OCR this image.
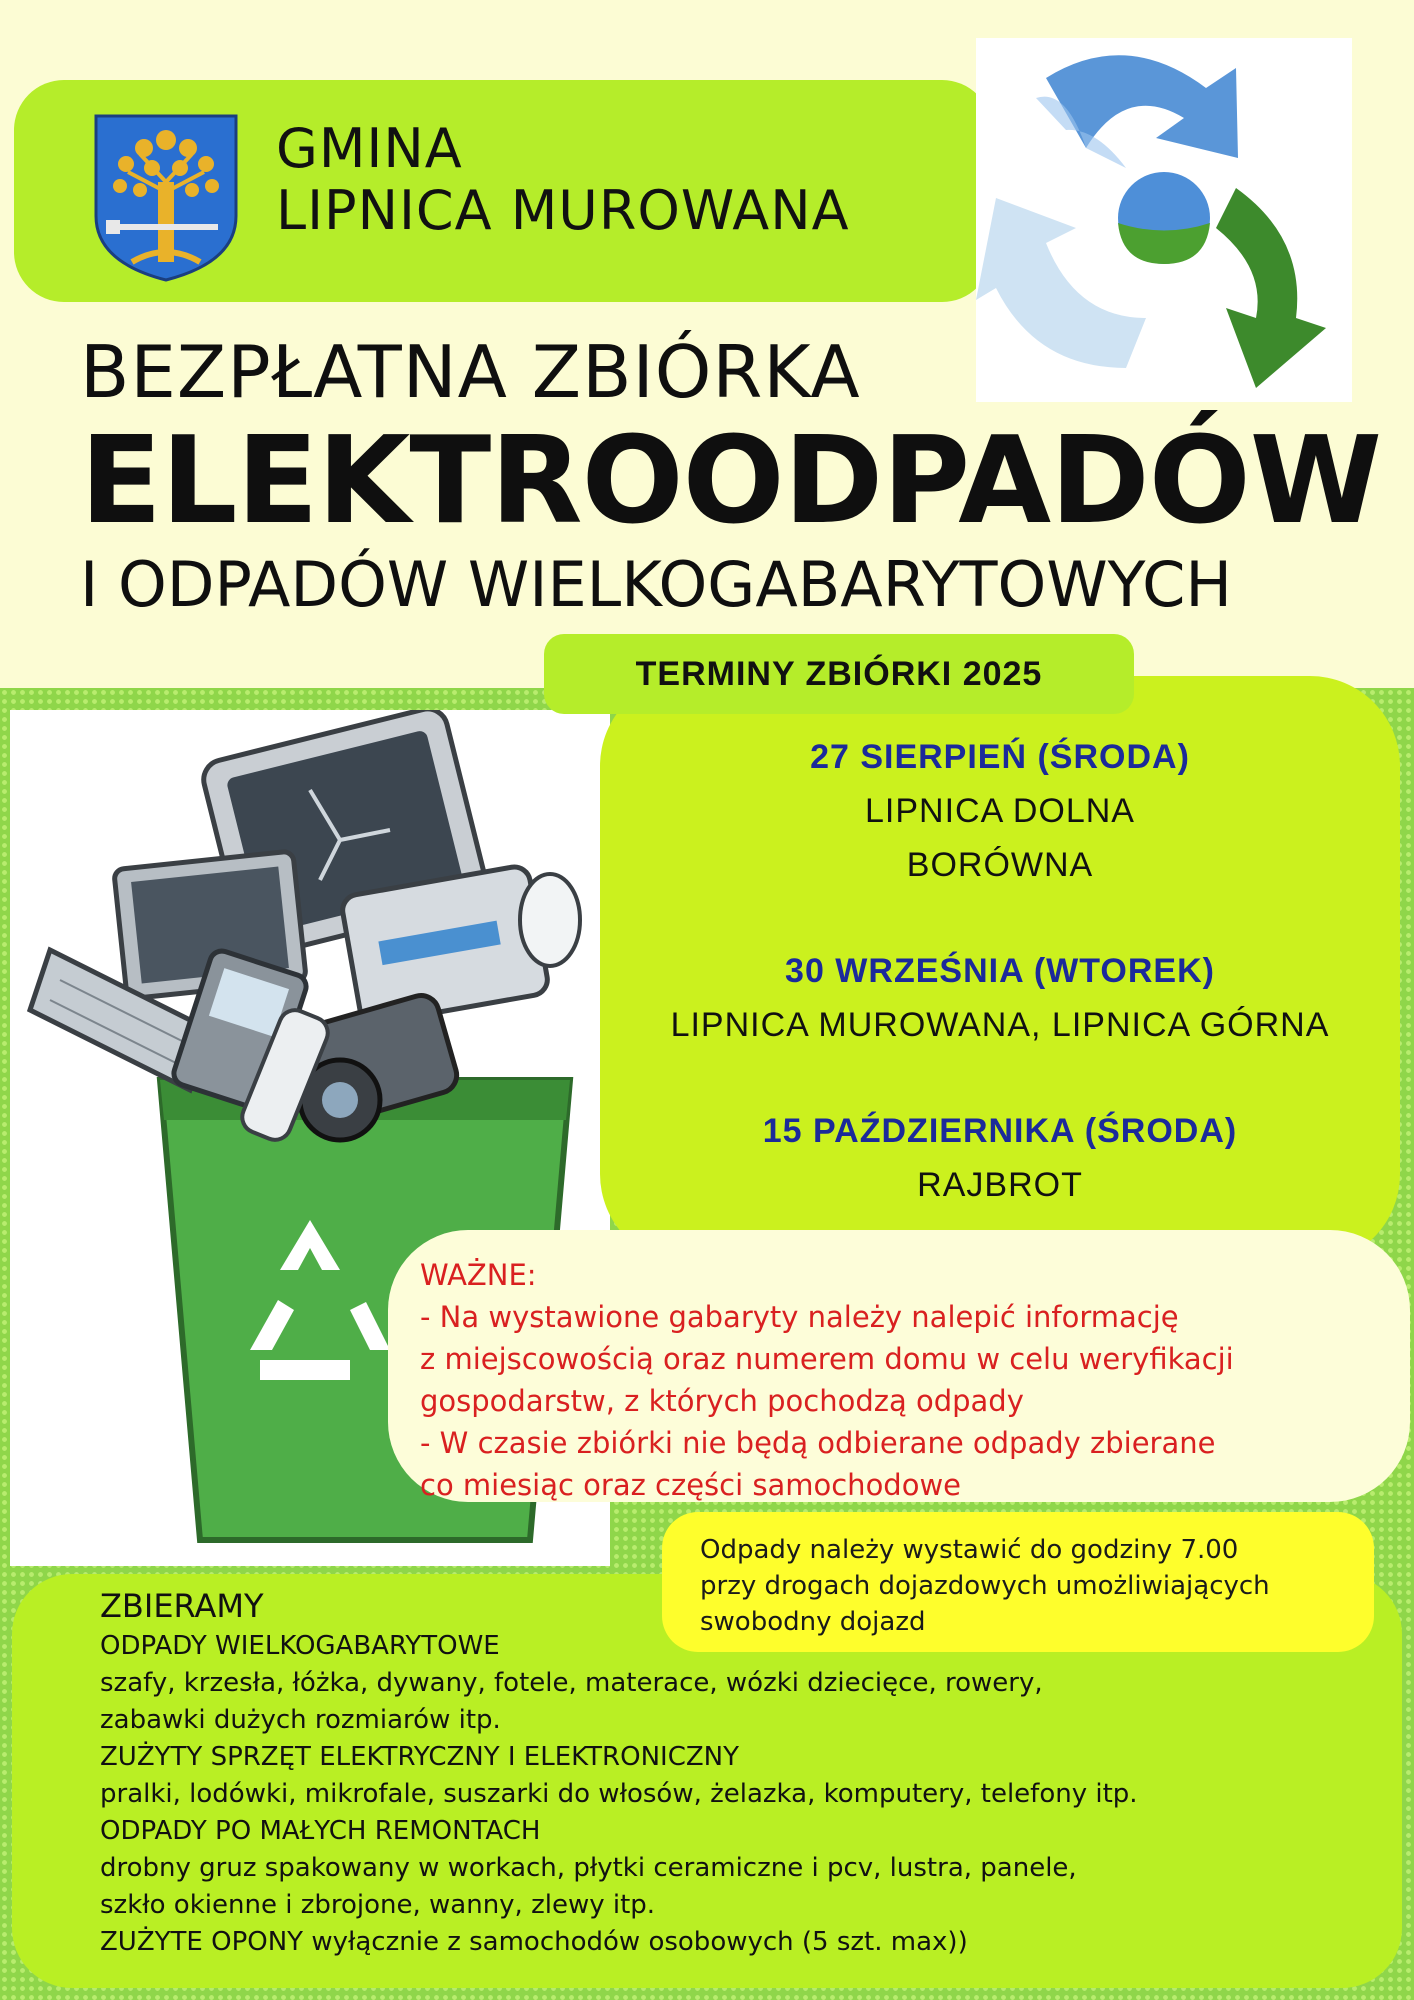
GMINA
LIPNICA MUROWANA
BEZPŁATNA ZBIÓRKA
ELEKTROODPADÓW
I ODPADÓW WIELKOGABARYTOWYCH
TERMINY ZBIÓRKI 2025
27 SIERPIEŃ (ŚRODA)
LIPNICA DOLNA
BORÓWNA
30 WRZEŚNIA (WTOREK)
LIPNICA MUROWANA, LIPNICA GÓRNA
15 PAŹDZIERNIKA (ŚRODA)
RAJBROT
WAŻNE:
- Na wystawione gabaryty należy nalepić informację
z miejscowością oraz numerem domu w celu weryfikacji
gospodarstw, z których pochodzą odpady
- W czasie zbiórki nie będą odbierane odpady zbierane
co miesiąc oraz części samochodowe
ZBIERAMY
ODPADY WIELKOGABARYTOWE
szafy, krzesła, łóżka, dywany, fotele, materace, wózki dziecięce, rowery,
zabawki dużych rozmiarów itp.
ZUŻYTY SPRZĘT ELEKTRYCZNY I ELEKTRONICZNY
pralki, lodówki, mikrofale, suszarki do włosów, żelazka, komputery, telefony itp.
ODPADY PO MAŁYCH REMONTACH
drobny gruz spakowany w workach, płytki ceramiczne i pcv, lustra, panele,
szkło okienne i zbrojone, wanny, zlewy itp.
ZUŻYTE OPONY wyłącznie z samochodów osobowych (5 szt. max))
Odpady należy wystawić do godziny 7.00
przy drogach dojazdowych umożliwiających
swobodny dojazd
